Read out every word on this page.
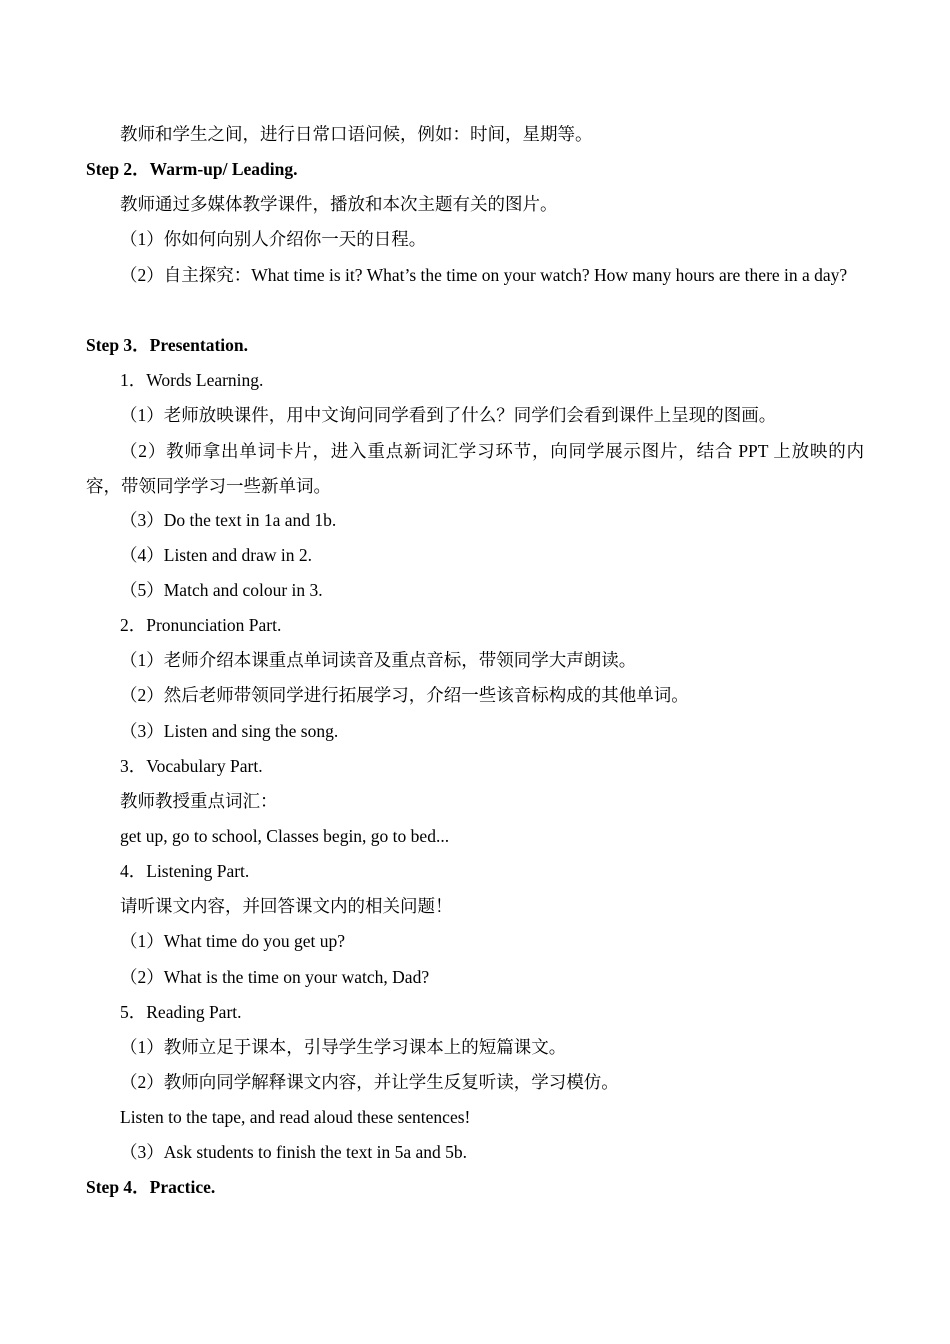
教师和学生之间，进行日常口语问候，例如：时间，星期等。
Step 2．Warm-up/ Leading.
教师通过多媒体教学课件，播放和本次主题有关的图片。
（1）你如何向别人介绍你一天的日程。
（2）自主探究：What time is it? What’s the time on your watch? How many hours are there in a day?
Step 3．Presentation.
1．Words Learning.
（1）老师放映课件，用中文询问同学看到了什么？同学们会看到课件上呈现的图画。
（2）教师拿出单词卡片，进入重点新词汇学习环节，向同学展示图片，结合 PPT 上放映的内容，带领同学学习一些新单词。
（3）Do the text in 1a and 1b.
（4）Listen and draw in 2.
（5）Match and colour in 3.
2．Pronunciation Part.
（1）老师介绍本课重点单词读音及重点音标，带领同学大声朗读。
（2）然后老师带领同学进行拓展学习，介绍一些该音标构成的其他单词。
（3）Listen and sing the song.
3．Vocabulary Part.
教师教授重点词汇：
get up, go to school, Classes begin, go to bed...
4．Listening Part.
请听课文内容，并回答课文内的相关问题！
（1）What time do you get up?
（2）What is the time on your watch, Dad?
5．Reading Part.
（1）教师立足于课本，引导学生学习课本上的短篇课文。
（2）教师向同学解释课文内容，并让学生反复听读，学习模仿。
Listen to the tape, and read aloud these sentences!
（3）Ask students to finish the text in 5a and 5b.
Step 4．Practice.
